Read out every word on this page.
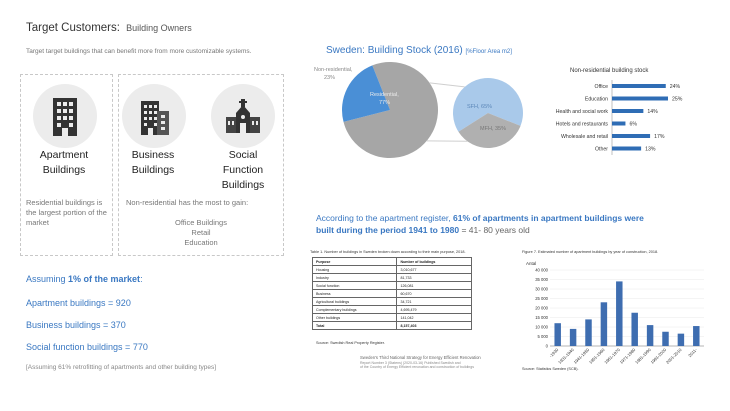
Target Customers: Building Owners
Target target buildings that can benefit more from more customizable systems.
Apartment Buildings
Residential buildings is the largest portion of the market
Business Buildings
Social Function Buildings
Non-residential has the most to gain:
Office Buildings
Retail
Education
Assuming 1% of the market:
Apartment buildings = 920
Business buildings = 370
Social function buildings = 770
[Assuming 61% retrofitting of apartments and other building types]
Sweden: Building Stock (2016) [%Floor Area m2]
Residential,
77%
Non-residential,
23%
SFH, 65%
MFH, 35%
Non-residential building stock
Office	24%
Education	25%
Health and social work	14%
Hotels and restaurants	6%
Wholesale and retail	17%
Other	13%
According to the apartment register, 61% of apartments in apartment buildings were
built during the period 1941 to 1980 = 41- 80 years old
Table 1. Number of buildings in Sweden broken down according to their main purpose, 2018.
Purpose	Number of buildings
Housing	3,010,677
Industry	81,733
Social function	126,081
Business	60,670
Agricultural buildings	34,721
Complementary buildings	4,695,479
Other buildings	141,042
Total	8,157,403
Source: Swedish Real Property Register.
Sweden's Third National Strategy for Energy Efficient Renovation
Report Number 3 (Statens) (2020-03-16) Published Swedish and
of the Country of Energy Efficient renovation and construction of buildings
Figure 7. Estimated number of apartment buildings by year of construction, 2018.
Antal
0
5 000
10 000
15 000
20 000
25 000
30 000
35 000
40 000
-1930
1931-1940
1941-1950
1951-1960
1961-1970
1971-1980
1981-1990
1991-2000
2001-2010 2011-
Source: Statistics Sweden (SCB).
